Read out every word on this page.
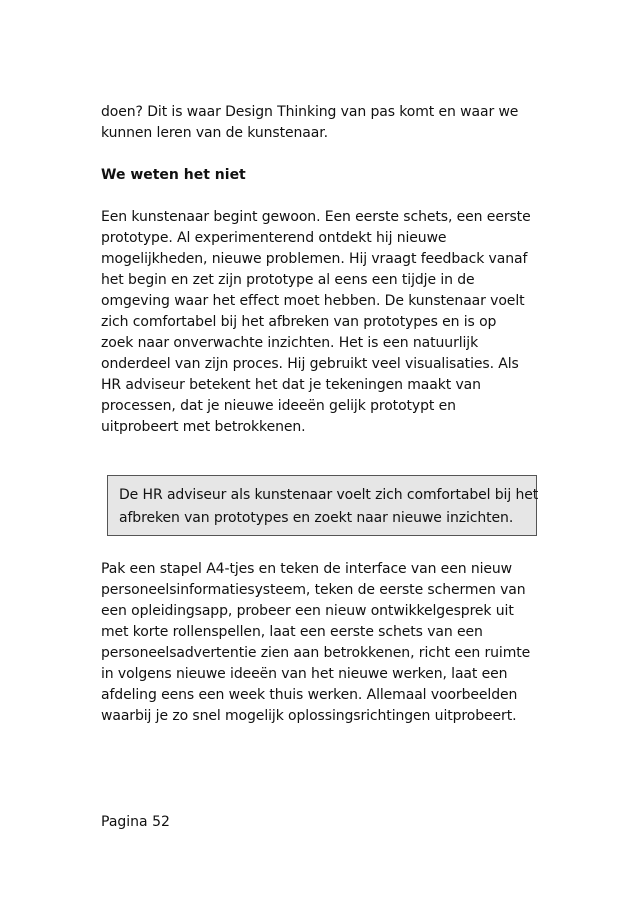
doen? Dit is waar Design Thinking van pas komt en waar we
kunnen leren van de kunstenaar.

We weten het niet

Een kunstenaar begint gewoon. Een eerste schets, een eerste
prototype. Al experimenterend ontdekt hij nieuwe
mogelijkheden, nieuwe problemen. Hij vraagt feedback vanaf
het begin en zet zijn prototype al eens een tijdje in de
omgeving waar het effect moet hebben. De kunstenaar voelt
zich comfortabel bij het afbreken van prototypes en is op
zoek naar onverwachte inzichten. Het is een natuurlijk
onderdeel van zijn proces. Hij gebruikt veel visualisaties. Als
HR adviseur betekent het dat je tekeningen maakt van
processen, dat je nieuwe ideeën gelijk prototypt en
uitprobeert met betrokkenen.

De HR adviseur als kunstenaar voelt zich comfortabel bij het
afbreken van prototypes en zoekt naar nieuwe inzichten.

Pak een stapel A4-tjes en teken de interface van een nieuw
personeelsinformatiesysteem, teken de eerste schermen van
een opleidingsapp, probeer een nieuw ontwikkelgesprek uit
met korte rollenspellen, laat een eerste schets van een
personeelsadvertentie zien aan betrokkenen, richt een ruimte
in volgens nieuwe ideeën van het nieuwe werken, laat een
afdeling eens een week thuis werken. Allemaal voorbeelden
waarbij je zo snel mogelijk oplossingsrichtingen uitprobeert.

Pagina 52
